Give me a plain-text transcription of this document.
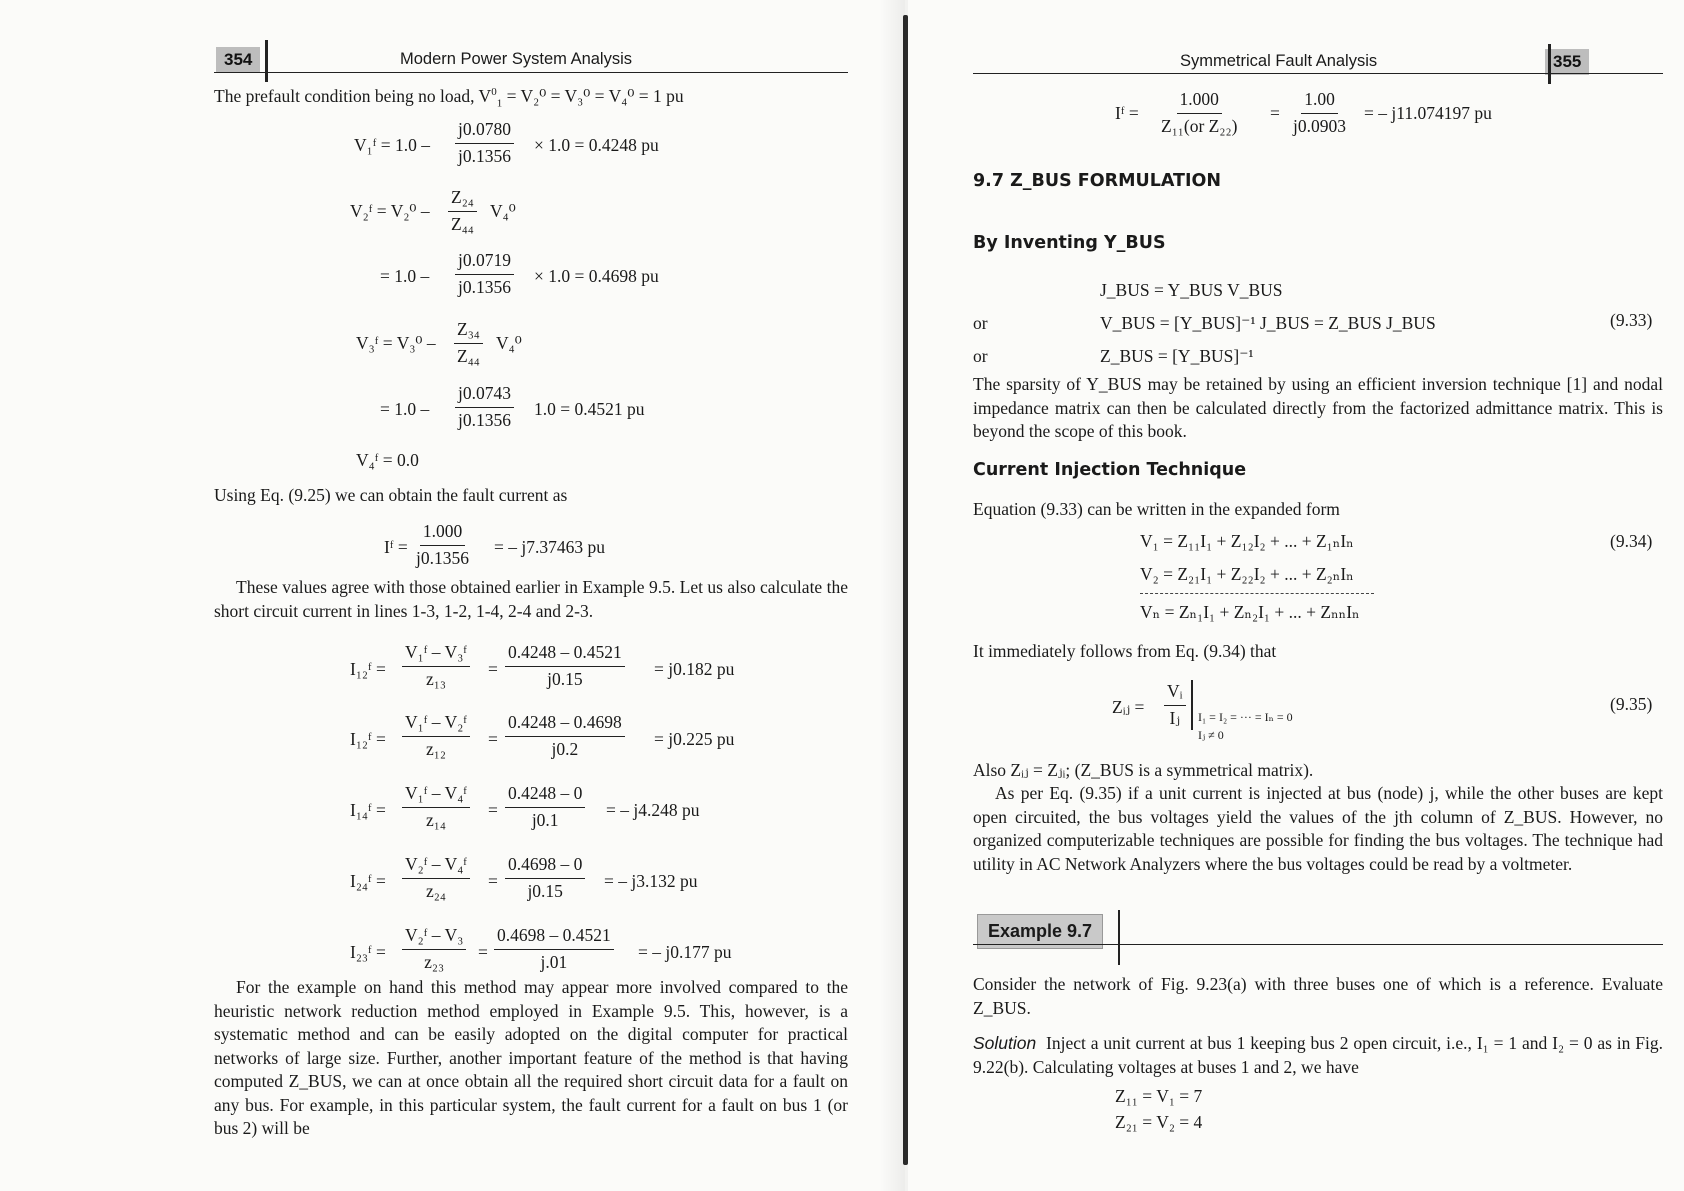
354	Modern Power System Analysis
The prefault condition being no load, $V^0_1 = V_2^0 = V_3^0 = V_4^0 = 1$ pu
V₁ᶠ = $1.0 - \frac{j0.0780}{j0.1356} \times 1.0 = 0.4248$ pu
V₂ᶠ = $V_2^0 - \frac{\text{Z₂₄}}{\text{Z₄₄}} V_4^0$
= $1.0 - \frac{j0.0719}{j0.1356} \times 1.0 = 0.4698$ pu
V₃ᶠ = $V_3^0 - \frac{\text{Z₃₄}}{\text{Z₄₄}} V_4^0$
= $1.0 - \frac{j0.0743}{j0.1356} 1.0 = 0.4521$ pu
V₄ᶠ = 0.0
Using Eq. (9.25) we can obtain the fault current as
Iᶠ = $\frac{1.000}{j0.1356}$ = – j7.37463 pu
These values agree with those obtained earlier in Example 9.5. Let us also calculate the short circuit current in lines 1-3, 1-2, 1-4, 2-4 and 2-3.
I₁₂ᶠ = $\frac{\text{V₁ᶠ – V₃ᶠ}}{\text{z₁₃}} = \frac{0.4248 - 0.4521}{j0.15} = j0.182$ pu
I₁₂ᶠ = $\frac{\text{V₁ᶠ – V₂ᶠ}}{\text{z₁₂}} = \frac{0.4248 - 0.4698}{j0.2} = j0.225$ pu
I₁₄ᶠ = $\frac{\text{V₁ᶠ – V₄ᶠ}}{\text{z₁₄}} = \frac{0.4248 - 0}{j0.1}$ = – j4.248 pu
I₂₄ᶠ = $\frac{\text{V₂ᶠ – V₄ᶠ}}{\text{z₂₄}} = \frac{0.4698 - 0}{j0.15}$ = – j3.132 pu
I₂₃ᶠ = $\frac{\text{V₂ᶠ – V₃}}{\text{z₂₃}} = \frac{0.4698 - 0.4521}{j.01}$ = – j0.177 pu
For the example on hand this method may appear more involved compared to the heuristic network reduction method employed in Example 9.5. This, however, is a systematic method and can be easily adopted on the digital computer for practical networks of large size. Further, another important feature of the method is that having computed Z_BUS, we can at once obtain all the required short circuit data for a fault on any bus. For example, in this particular system, the fault current for a fault on bus 1 (or bus 2) will be
Symmetrical Fault Analysis	355
Iᶠ = $\frac{1.000}{\text{Z₁₁(or Z₂₂)}} = \frac{1.00}{j0.0903}$ = – j11.074197 pu
9.7 Z_BUS FORMULATION
By Inventing Y_BUS
J_BUS = Y_BUS V_BUS
or	V_BUS = [Y_BUS]⁻¹ J_BUS = Z_BUS J_BUS	(9.33)
or	Z_BUS = [Y_BUS]⁻¹
The sparsity of Y_BUS may be retained by using an efficient inversion technique [1] and nodal impedance matrix can then be calculated directly from the factorized admittance matrix. This is beyond the scope of this book.
Current Injection Technique
Equation (9.33) can be written in the expanded form
V₁ = Z₁₁I₁ + Z₁₂I₂ + ... + Z₁ₙIₙ	(9.34)
V₂ = Z₂₁I₁ + Z₂₂I₂ + ... + Z₂ₙIₙ
Vₙ = Zₙ₁I₁ + Zₙ₂I₁ + ... + ZₙₙIₙ
It immediately follows from Eq. (9.34) that
Zᵢⱼ = $\frac{\text{Vᵢ}}{\text{Iⱼ}} I_1 = I_2$ = ··· = Iₙ = 0
Iⱼ ≠ 0
(9.35)
Also Zᵢⱼ = Zⱼᵢ; (Z_BUS is a symmetrical matrix).
As per Eq. (9.35) if a unit current is injected at bus (node) j, while the other buses are kept open circuited, the bus voltages yield the values of the jth column of Z_BUS. However, no organized computerizable techniques are possible for finding the bus voltages. The technique had utility in AC Network Analyzers where the bus voltages could be read by a voltmeter.
Example 9.7
Consider the network of Fig. 9.23(a) with three buses one of which is a reference. Evaluate Z_BUS.
Solution Inject a unit current at bus 1 keeping bus 2 open circuit, i.e., I₁ = 1 and I₂ = 0 as in Fig. 9.22(b). Calculating voltages at buses 1 and 2, we have
Z₁₁ = V₁ = 7
Z₂₁ = V₂ = 4
